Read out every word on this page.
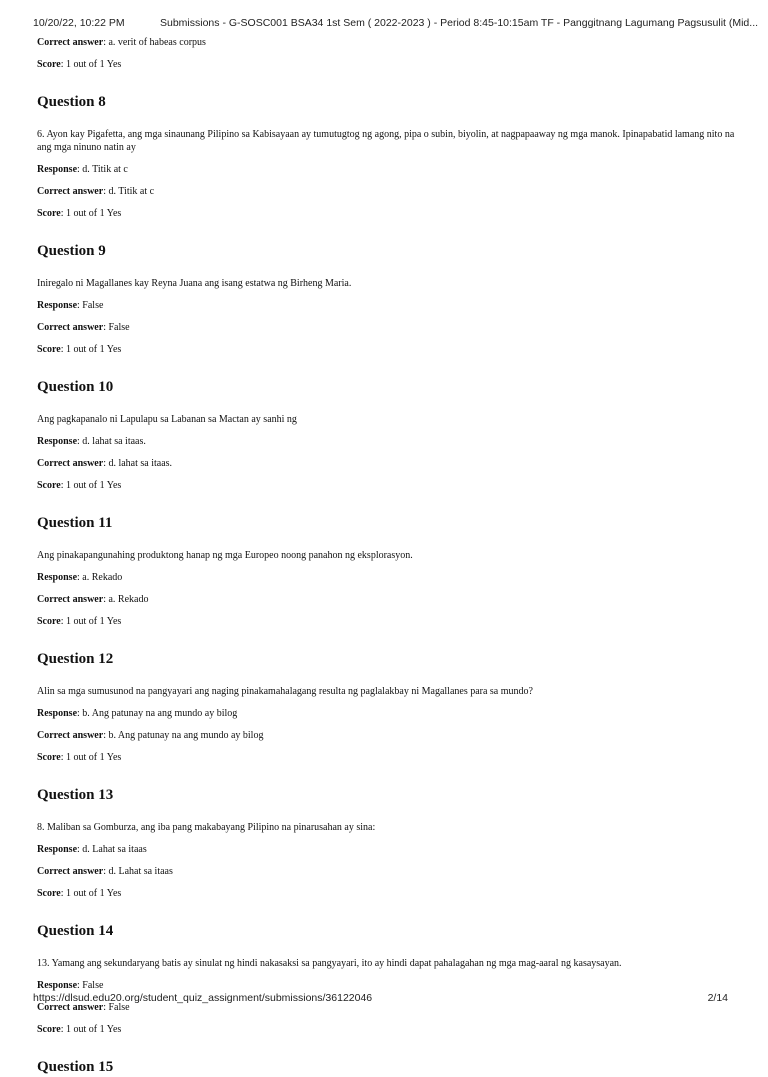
10/20/22, 10:22 PM	Submissions - G-SOSC001 BSA34 1st Sem ( 2022-2023 ) - Period 8:45-10:15am TF - Panggitnang Lagumang Pagsusulit (Mid...

Correct answer: a. verit of habeas corpus

Score: 1 out of 1 Yes

Question 8

6. Ayon kay Pigafetta, ang mga sinaunang Pilipino sa Kabisayaan ay tumutugtog ng agong, pipa o subin, biyolin, at nagpapaaway ng mga manok. Ipinapabatid lamang nito na ang mga ninuno natin ay

Response: d. Titik at c

Correct answer: d. Titik at c

Score: 1 out of 1 Yes

Question 9

Iniregalo ni Magallanes kay Reyna Juana ang isang estatwa ng Birheng Maria.

Response: False

Correct answer: False

Score: 1 out of 1 Yes

Question 10

Ang pagkapanalo ni Lapulapu sa Labanan sa Mactan ay sanhi ng

Response: d. lahat sa itaas.

Correct answer: d. lahat sa itaas.

Score: 1 out of 1 Yes

Question 11

Ang pinakapangunahing produktong hanap ng mga Europeo noong panahon ng eksplorasyon.

Response: a. Rekado

Correct answer: a. Rekado

Score: 1 out of 1 Yes

Question 12

Alin sa mga sumusunod na pangyayari ang naging pinakamahalagang resulta ng paglalakbay ni Magallanes para sa mundo?

Response: b. Ang patunay na ang mundo ay bilog

Correct answer: b. Ang patunay na ang mundo ay bilog

Score: 1 out of 1 Yes

Question 13

8. Maliban sa Gomburza, ang iba pang makabayang Pilipino na pinarusahan ay sina:

Response: d. Lahat sa itaas

Correct answer: d. Lahat sa itaas

Score: 1 out of 1 Yes

Question 14

13. Yamang ang sekundaryang batis ay sinulat ng hindi nakasaksi sa pangyayari, ito ay hindi dapat pahalagahan ng mga mag-aaral ng kasaysayan.

Response: False

Correct answer: False

Score: 1 out of 1 Yes

Question 15
https://dlsud.edu20.org/student_quiz_assignment/submissions/36122046	2/14
